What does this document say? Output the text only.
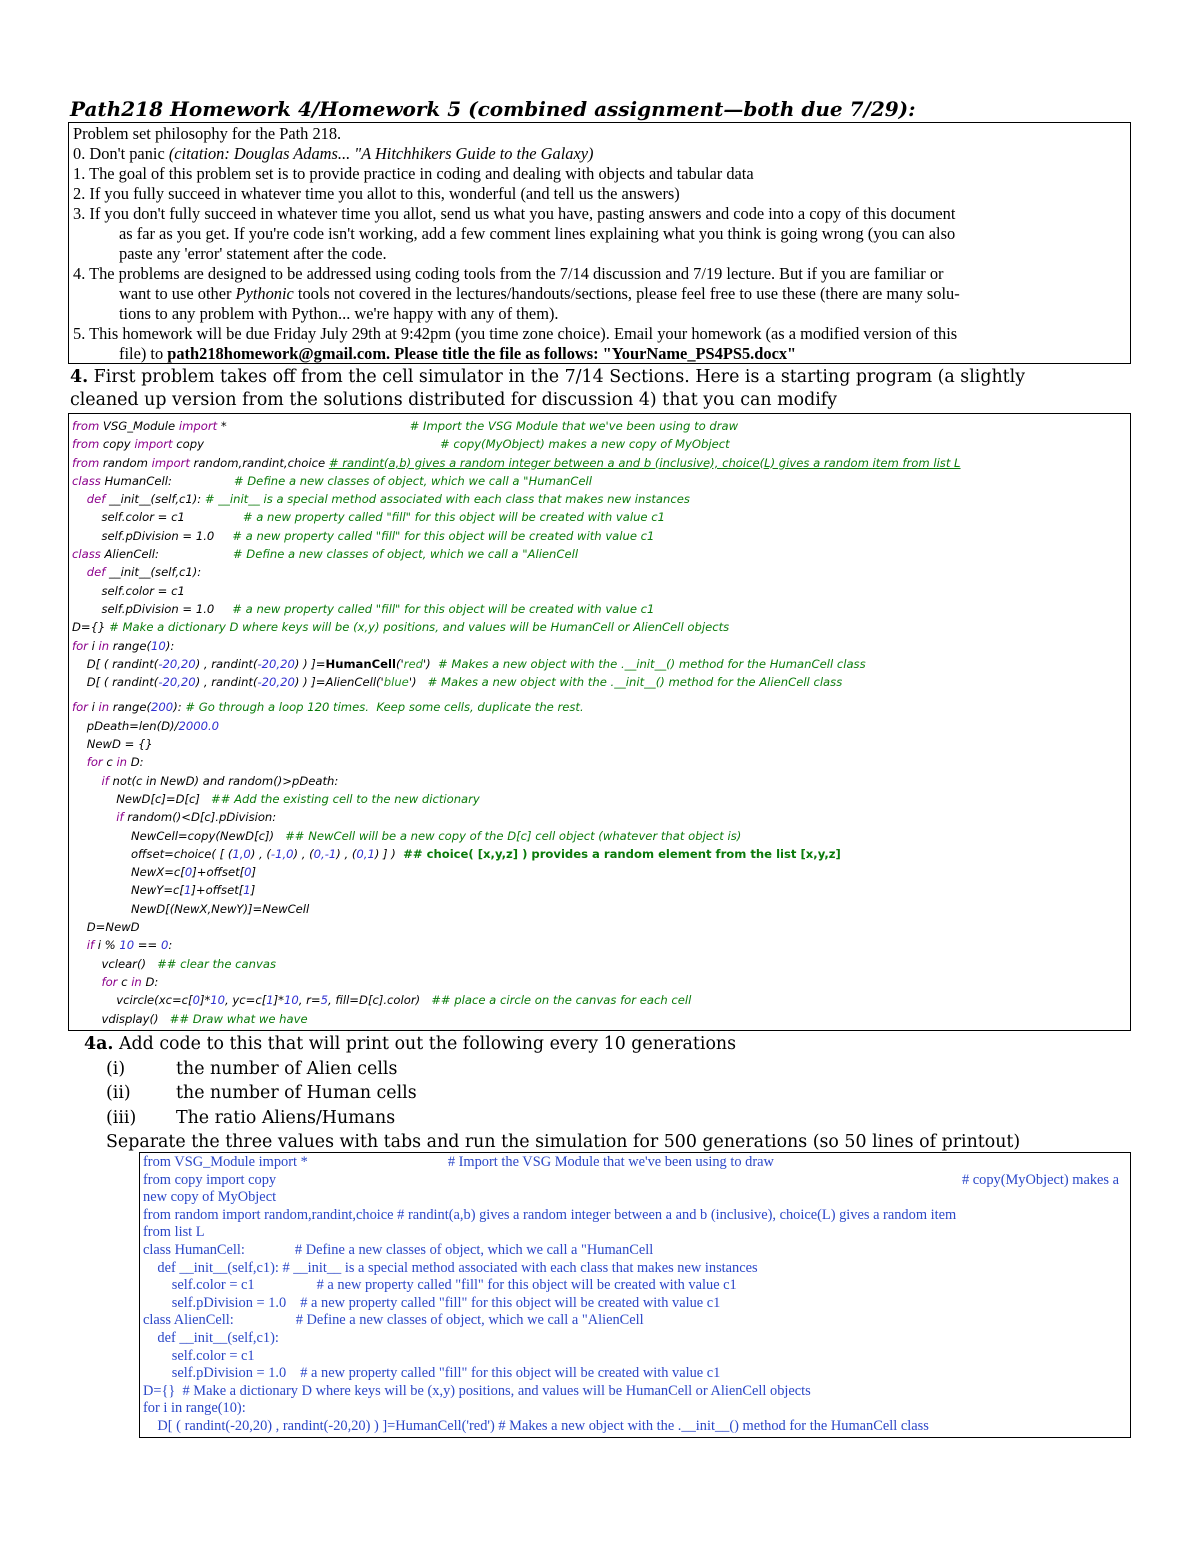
Path218 Homework 4/Homework 5 (combined assignment—both due 7/29):
Problem set philosophy for the Path 218.
0. Don't panic (citation: Douglas Adams... "A Hitchhikers Guide to the Galaxy)
1. The goal of this problem set is to provide practice in coding and dealing with objects and tabular data
2. If you fully succeed in whatever time you allot to this, wonderful (and tell us the answers)
3. If you don't fully succeed in whatever time you allot, send us what you have, pasting answers and code into a copy of this document
as far as you get. If you're code isn't working, add a few comment lines explaining what you think is going wrong (you can also
paste any 'error' statement after the code.
4. The problems are designed to be addressed using coding tools from the 7/14 discussion and 7/19 lecture. But if you are familiar or
want to use other Pythonic tools not covered in the lectures/handouts/sections, please feel free to use these (there are many solu-
tions to any problem with Python... we're happy with any of them).
5. This homework will be due Friday July 29th at 9:42pm (you time zone choice). Email your homework (as a modified version of this
file) to path218homework@gmail.com. Please title the file as follows: "YourName_PS4PS5.docx"
4. First problem takes off from the cell simulator in the 7/14 Sections. Here is a starting program (a slightly
cleaned up version from the solutions distributed for discussion 4) that you can modify
from VSG_Module import *	# Import the VSG Module that we've been using to draw
from copy import copy	# copy(MyObject) makes a new copy of MyObject
from random import random,randint,choice # randint(a,b) gives a random integer between a and b (inclusive), choice(L) gives a random item from list L
class HumanCell:	# Define a new classes of object, which we call a "HumanCell
def __init__(self,c1): # __init__ is a special method associated with each class that makes new instances
self.color = c1	# a new property called "fill" for this object will be created with value c1
self.pDivision = 1.0 # a new property called "fill" for this object will be created with value c1
class AlienCell:	# Define a new classes of object, which we call a "AlienCell
def __init__(self,c1):
self.color = c1
self.pDivision = 1.0 # a new property called "fill" for this object will be created with value c1
D={} # Make a dictionary D where keys will be (x,y) positions, and values will be HumanCell or AlienCell objects
for i in range(10):
D[ ( randint(-20,20) , randint(-20,20) ) ]=HumanCell('red')  # Makes a new object with the .__init__() method for the HumanCell class
D[ ( randint(-20,20) , randint(-20,20) ) ]=AlienCell('blue')   # Makes a new object with the .__init__() method for the AlienCell class
for i in range(200): # Go through a loop 120 times.  Keep some cells, duplicate the rest.
pDeath=len(D)/2000.0
NewD = {}
for c in D:
if not(c in NewD) and random()>pDeath:
NewD[c]=D[c]   ## Add the existing cell to the new dictionary
if random()<D[c].pDivision:
NewCell=copy(NewD[c])   ## NewCell will be a new copy of the D[c] cell object (whatever that object is)
offset=choice( [ (1,0) , (-1,0) , (0,-1) , (0,1) ] )  ## choice( [x,y,z] ) provides a random element from the list [x,y,z]
NewX=c[0]+offset[0]
NewY=c[1]+offset[1]
NewD[(NewX,NewY)]=NewCell
D=NewD
if i % 10 == 0:
vclear()   ## clear the canvas
for c in D:
vcircle(xc=c[0]*10, yc=c[1]*10, r=5, fill=D[c].color)   ## place a circle on the canvas for each cell
vdisplay()   ## Draw what we have
4a. Add code to this that will print out the following every 10 generations
(i)	the number of Alien cells
(ii)	the number of Human cells
(iii) The ratio Aliens/Humans
Separate the three values with tabs and run the simulation for 500 generations (so 50 lines of printout)
from VSG_Module import *	# Import the VSG Module that we've been using to draw
from copy import copy	# copy(MyObject) makes a
new copy of MyObject
from random import random,randint,choice # randint(a,b) gives a random integer between a and b (inclusive), choice(L) gives a random item
from list L
class HumanCell:	# Define a new classes of object, which we call a "HumanCell
def __init__(self,c1): # __init__ is a special method associated with each class that makes new instances
self.color = c1	# a new property called "fill" for this object will be created with value c1
self.pDivision = 1.0 # a new property called "fill" for this object will be created with value c1
class AlienCell:	# Define a new classes of object, which we call a "AlienCell
def __init__(self,c1):
self.color = c1
self.pDivision = 1.0 # a new property called "fill" for this object will be created with value c1
D={}  # Make a dictionary D where keys will be (x,y) positions, and values will be HumanCell or AlienCell objects
for i in range(10):
D[ ( randint(-20,20) , randint(-20,20) ) ]=HumanCell('red') # Makes a new object with the .__init__() method for the HumanCell class
